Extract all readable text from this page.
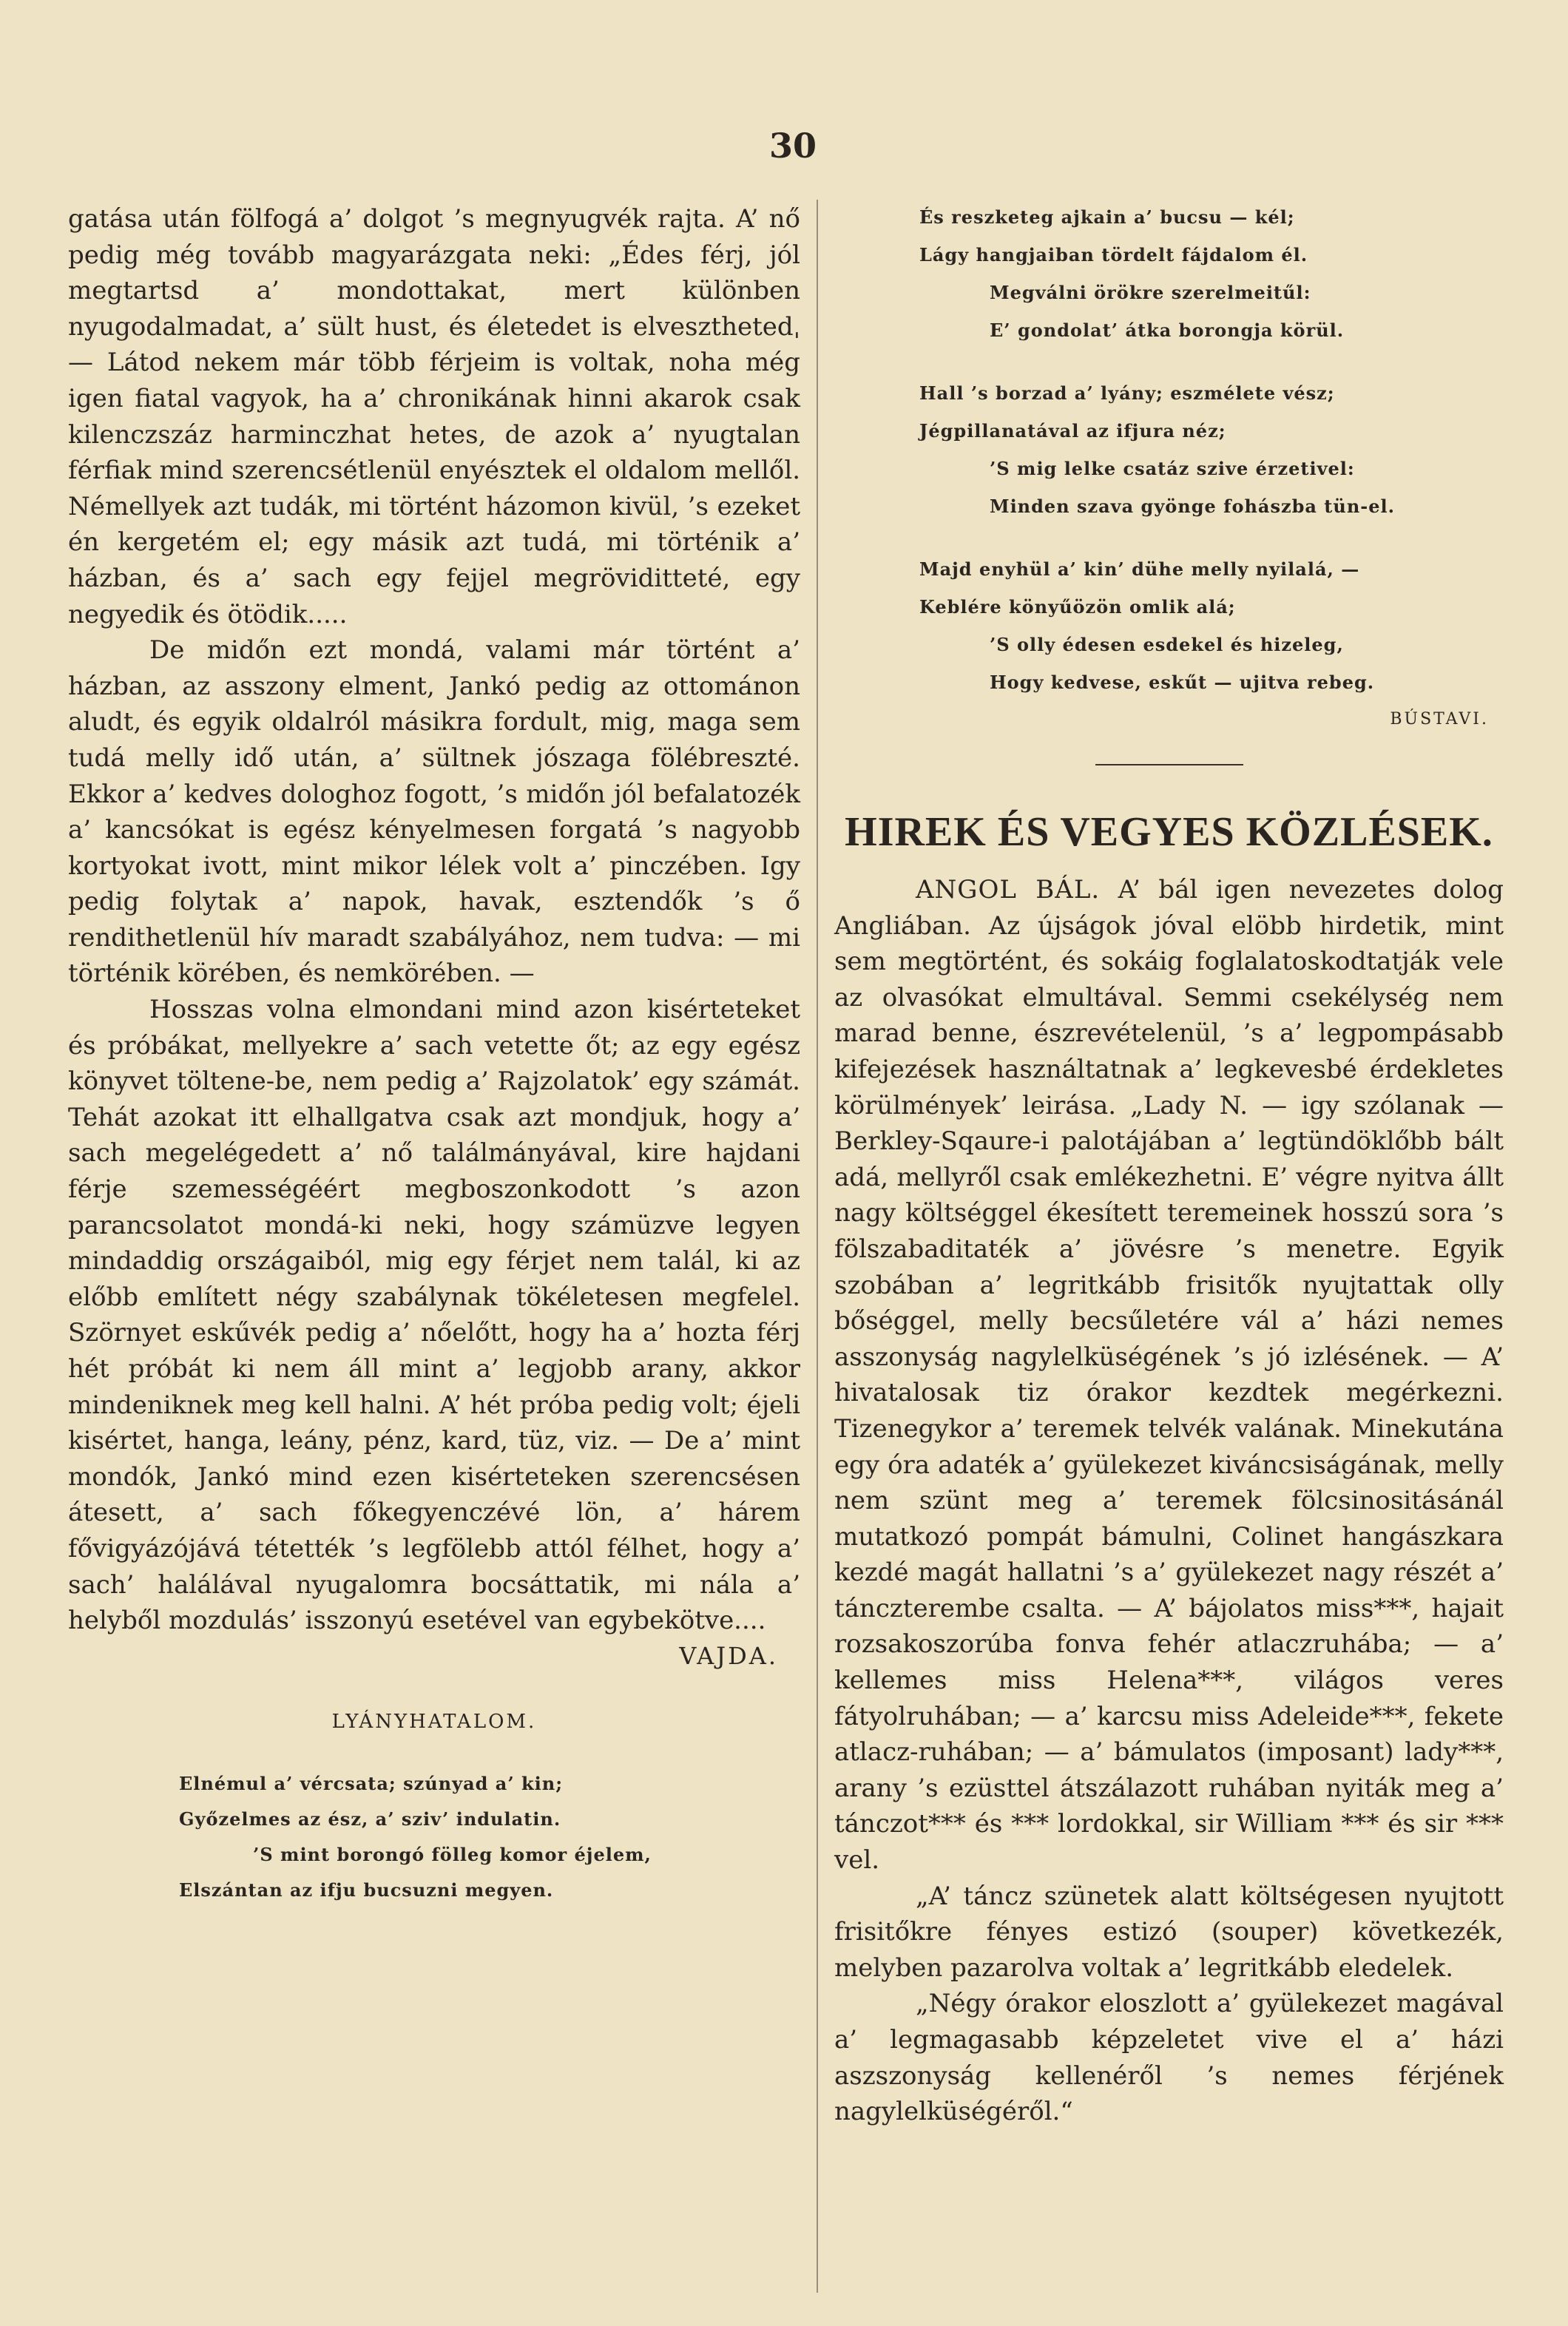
30

gatása után fölfogá a’ dolgot ’s megnyugvék rajta. A’ nő pedig még tovább magyarázgata neki: „Édes férj, jól megtartsd a’ mondottakat, mert különben nyugodalmadat, a’ sült hust, és életedet is elveszthetedˌ — Látod nekem már több férjeim is voltak, noha még igen fiatal vagyok, ha a’ chronikának hinni akarok csak kilenczszáz harminczhat hetes, de azok a’ nyugtalan férfiak mind szerencsétlenül enyésztek el oldalom mellől. Némellyek azt tudák, mi történt házomon kivül, ’s ezeket én kergetém el; egy másik azt tudá, mi történik a’ házban, és a’ sach egy fejjel megröviditteté, egy negyedik és ötödik.....

De midőn ezt mondá, valami már történt a’ házban, az asszony elment, Jankó pedig az ottománon aludt, és egyik oldalról másikra fordult, mig, maga sem tudá melly idő után, a’ sültnek jószaga fölébreszté. Ekkor a’ kedves dologhoz fogott, ’s midőn jól befalatozék a’ kancsókat is egész kényelmesen forgatá ’s nagyobb kortyokat ivott, mint mikor lélek volt a’ pinczében. Igy pedig folytak a’ napok, havak, esztendők ’s ő rendithetlenül hív maradt szabályához, nem tudva: — mi történik körében, és nemkörében. —

Hosszas volna elmondani mind azon kisérteteket és próbákat, mellyekre a’ sach vetette őt; az egy egész könyvet töltene-be, nem pedig a’ Rajzolatok’ egy számát. Tehát azokat itt elhallgatva csak azt mondjuk, hogy a’ sach megelégedett a’ nő találmányával, kire hajdani férje szemességéért megboszonkodott ’s azon parancsolatot mondá-ki neki, hogy számüzve legyen mindaddig országaiból, mig egy férjet nem talál, ki az előbb említett négy szabálynak tökéletesen megfelel. Szörnyet eskűvék pedig a’ nőelőtt, hogy ha a’ hozta férj hét próbát ki nem áll mint a’ legjobb arany, akkor mindeniknek meg kell halni. A’ hét próba pedig volt; éjeli kisértet, hanga, leány, pénz, kard, tüz, viz. — De a’ mint mondók, Jankó mind ezen kisérteteken szerencsésen átesett, a’ sach főkegyenczévé lön, a’ hárem fővigyázójává tétették ’s legfölebb attól félhet, hogy a’ sach’ halálával nyugalomra bocsáttatik, mi nála a’ helyből mozdulás’ isszonyú esetével van egybekötve....

VAJDA.
LYÁNYHATALOM.
Elnémul a’ vércsata; szúnyad a’ kin;
Győzelmes az ész, a’ sziv’ indulatin.
’S mint borongó fölleg komor éjelem,
Elszántan az ifju bucsuzni megyen.
És reszketeg ajkain a’ bucsu — kél;
Lágy hangjaiban tördelt fájdalom él.
Megválni örökre szerelmeitűl:
E’ gondolat’ átka borongja körül.
Hall ’s borzad a’ lyány; eszmélete vész;
Jégpillanatával az ifjura néz;
’S mig lelke csatáz szive érzetivel:
Minden szava gyönge fohászba tün-el.
Majd enyhül a’ kin’ dühe melly nyilalá, —
Keblére könyűözön omlik alá;
’S olly édesen esdekel és hizeleg,
Hogy kedvese, eskűt — ujitva rebeg.
BÚSTAVI.
HIREK ÉS VEGYES KÖZLÉSEK.

ANGOL BÁL. A’ bál igen nevezetes dolog Angliában. Az újságok jóval elöbb hirdetik, mint sem megtörtént, és sokáig foglalatoskodtatják vele az olvasókat elmultával. Semmi csekélység nem marad benne, észrevételenül, ’s a’ legpompásabb kifejezések használtatnak a’ legkevesbé érdekletes körülmények’ leirása. „Lady N. — igy szólanak — Berkley-Sqaure-i palotájában a’ legtündöklőbb bált adá, mellyről csak emlékezhetni. E’ végre nyitva állt nagy költséggel ékesített teremeinek hosszú sora ’s fölszabaditaték a’ jövésre ’s menetre. Egyik szobában a’ legritkább frisitők nyujtattak olly bőséggel, melly becsűletére vál a’ házi nemes asszonyság nagylelküségének ’s jó izlésének. — A’ hivatalosak tiz órakor kezdtek megérkezni. Tizenegykor a’ teremek telvék valának. Minekutána egy óra adaték a’ gyülekezet kiváncsiságának, melly nem szünt meg a’ teremek fölcsinositásánál mutatkozó pompát bámulni, Colinet hangászkara kezdé magát hallatni ’s a’ gyülekezet nagy részét a’ tánczterembe csalta. — A’ bájolatos miss***, hajait rozsakoszorúba fonva fehér atlaczruhába; — a’ kellemes miss Helena***, világos veres fátyolruhában; — a’ karcsu miss Adeleide***, fekete atlacz-ruhában; — a’ bámulatos (imposant) lady***, arany ’s ezüsttel átszálazott ruhában nyiták meg a’ tánczot*** és *** lordokkal, sir William *** és sir *** vel.

„A’ táncz szünetek alatt költségesen nyujtott frisitőkre fényes estizó (souper) következék, melyben pazarolva voltak a’ legritkább eledelek.

„Négy órakor eloszlott a’ gyülekezet magával a’ legmagasabb képzeletet vive el a’ házi aszszonyság kellenéről ’s nemes férjének nagylelküségéről.“
